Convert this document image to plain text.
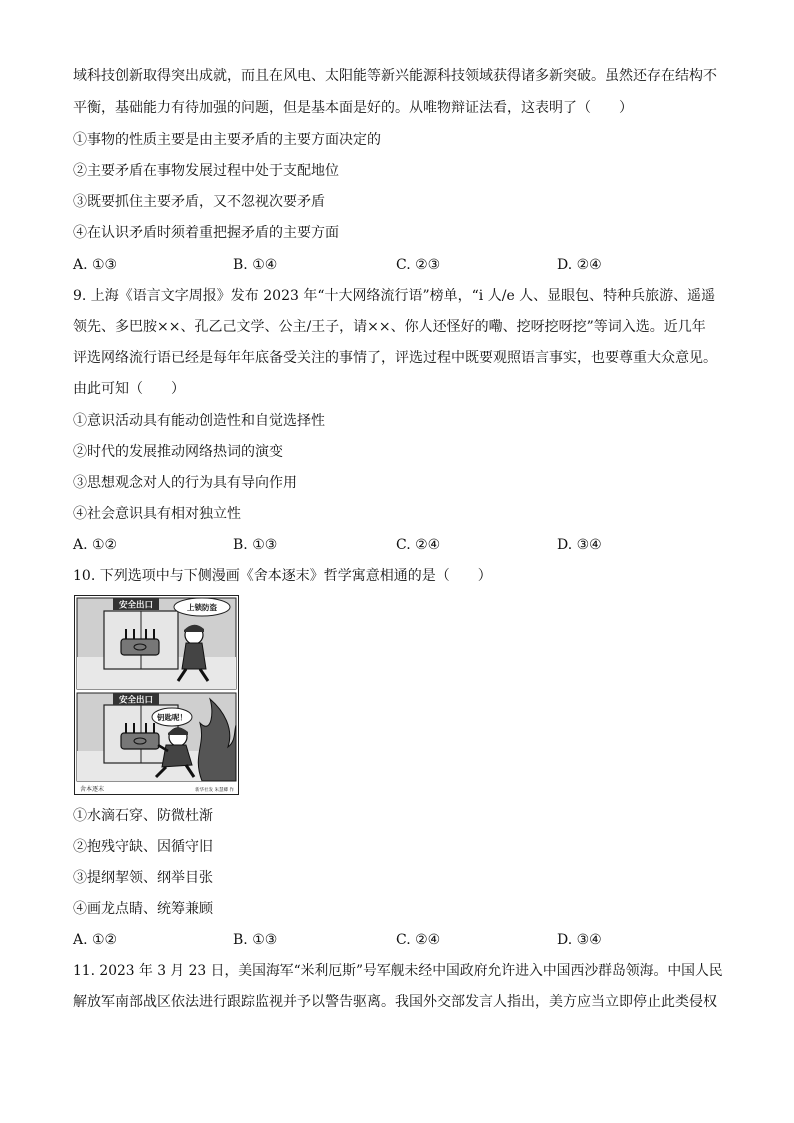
域科技创新取得突出成就，而且在风电、太阳能等新兴能源科技领域获得诸多新突破。虽然还存在结构不
平衡，基础能力有待加强的问题，但是基本面是好的。从唯物辩证法看，这表明了（　　）
①事物的性质主要是由主要矛盾的主要方面决定的
②主要矛盾在事物发展过程中处于支配地位
③既要抓住主要矛盾，又不忽视次要矛盾
④在认识矛盾时须着重把握矛盾的主要方面
A. ①③	B. ①④	C. ②③	D. ②④
9. 上海《语言文字周报》发布 2023 年“十大网络流行语”榜单，“i 人/e 人、显眼包、特种兵旅游、遥遥
领先、多巴胺××、孔乙己文学、公主/王子，请××、你人还怪好的嘞、挖呀挖呀挖”等词入选。近几年
评选网络流行语已经是每年年底备受关注的事情了，评选过程中既要观照语言事实，也要尊重大众意见。
由此可知（　　）
①意识活动具有能动创造性和自觉选择性
②时代的发展推动网络热词的演变
③思想观念对人的行为具有导向作用
④社会意识具有相对独立性
A. ①②	B. ①③	C. ②④	D. ③④
10. 下列选项中与下侧漫画《舍本逐末》哲学寓意相通的是（　　）
安全出口	上锁防盗
安全出口
钥匙呢！
舍本逐末	新华社发 朱慧卿 作
①水滴石穿、防微杜渐
②抱残守缺、因循守旧
③提纲挈领、纲举目张
④画龙点睛、统筹兼顾
A. ①②	B. ①③	C. ②④	D. ③④
11. 2023 年 3 月 23 日，美国海军“米利厄斯”号军舰未经中国政府允许进入中国西沙群岛领海。中国人民
解放军南部战区依法进行跟踪监视并予以警告驱离。我国外交部发言人指出，美方应当立即停止此类侵权
